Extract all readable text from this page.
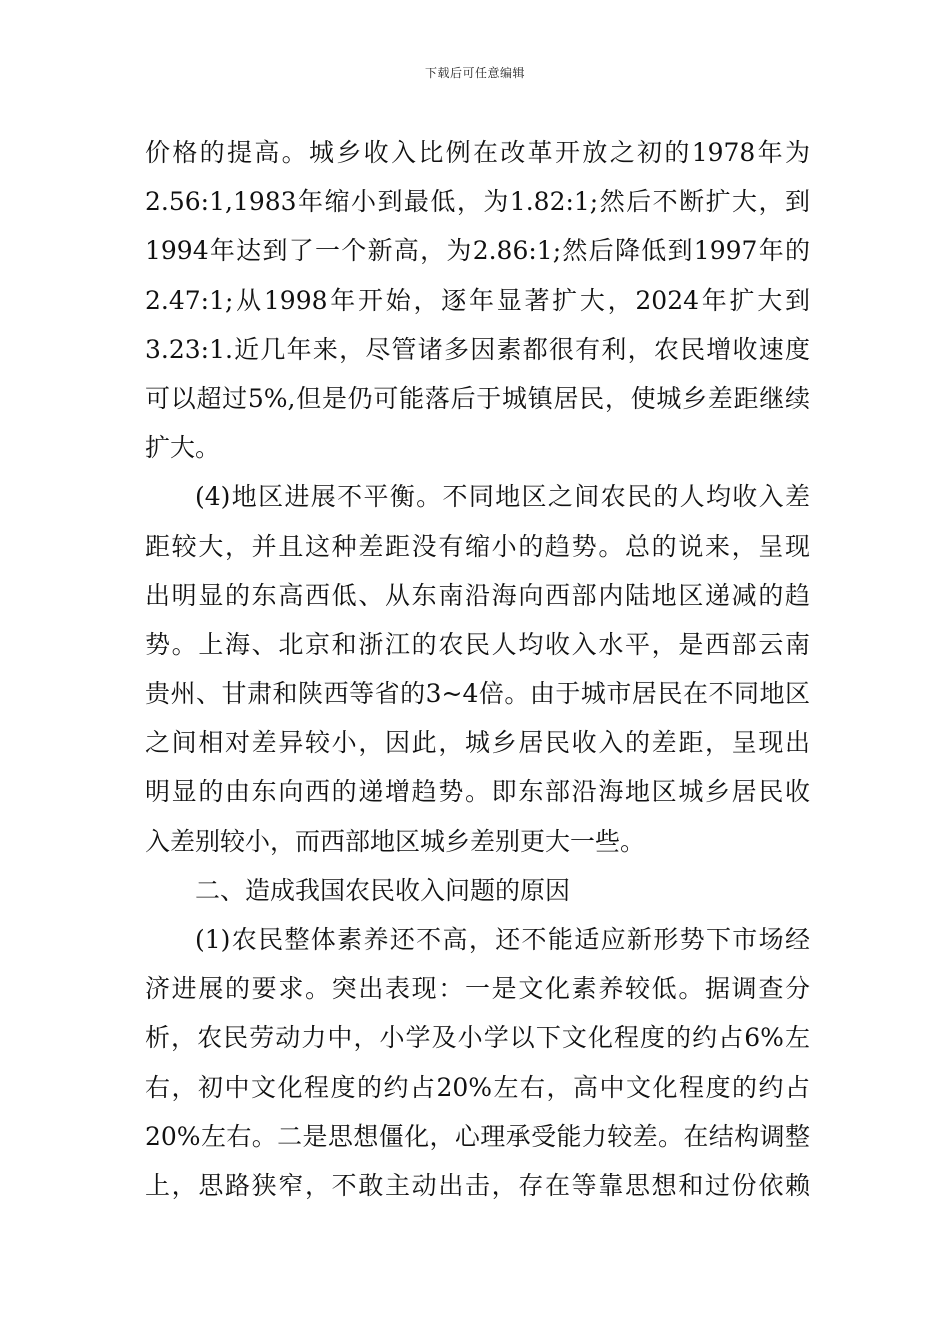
下载后可任意编辑
价格的提高。城乡收入比例在改革开放之初的1978年为
2.56:1,1983年缩小到最低，为1.82:1;然后不断扩大，到
1994年达到了一个新高，为2.86:1;然后降低到1997年的
2.47:1;从1998年开始，逐年显著扩大，2024年扩大到
3.23:1.近几年来，尽管诸多因素都很有利，农民增收速度
可以超过5%,但是仍可能落后于城镇居民，使城乡差距继续
扩大。
(4)地区进展不平衡。不同地区之间农民的人均收入差
距较大，并且这种差距没有缩小的趋势。总的说来，呈现
出明显的东高西低、从东南沿海向西部内陆地区递减的趋
势。上海、北京和浙江的农民人均收入水平，是西部云南
贵州、甘肃和陕西等省的3~4倍。由于城市居民在不同地区
之间相对差异较小，因此，城乡居民收入的差距，呈现出
明显的由东向西的递增趋势。即东部沿海地区城乡居民收
入差别较小，而西部地区城乡差别更大一些。
二、造成我国农民收入问题的原因
(1)农民整体素养还不高，还不能适应新形势下市场经
济进展的要求。突出表现：一是文化素养较低。据调查分
析，农民劳动力中，小学及小学以下文化程度的约占6%左
右，初中文化程度的约占20%左右，高中文化程度的约占
20%左右。二是思想僵化，心理承受能力较差。在结构调整
上，思路狭窄，不敢主动出击，存在等靠思想和过份依赖
